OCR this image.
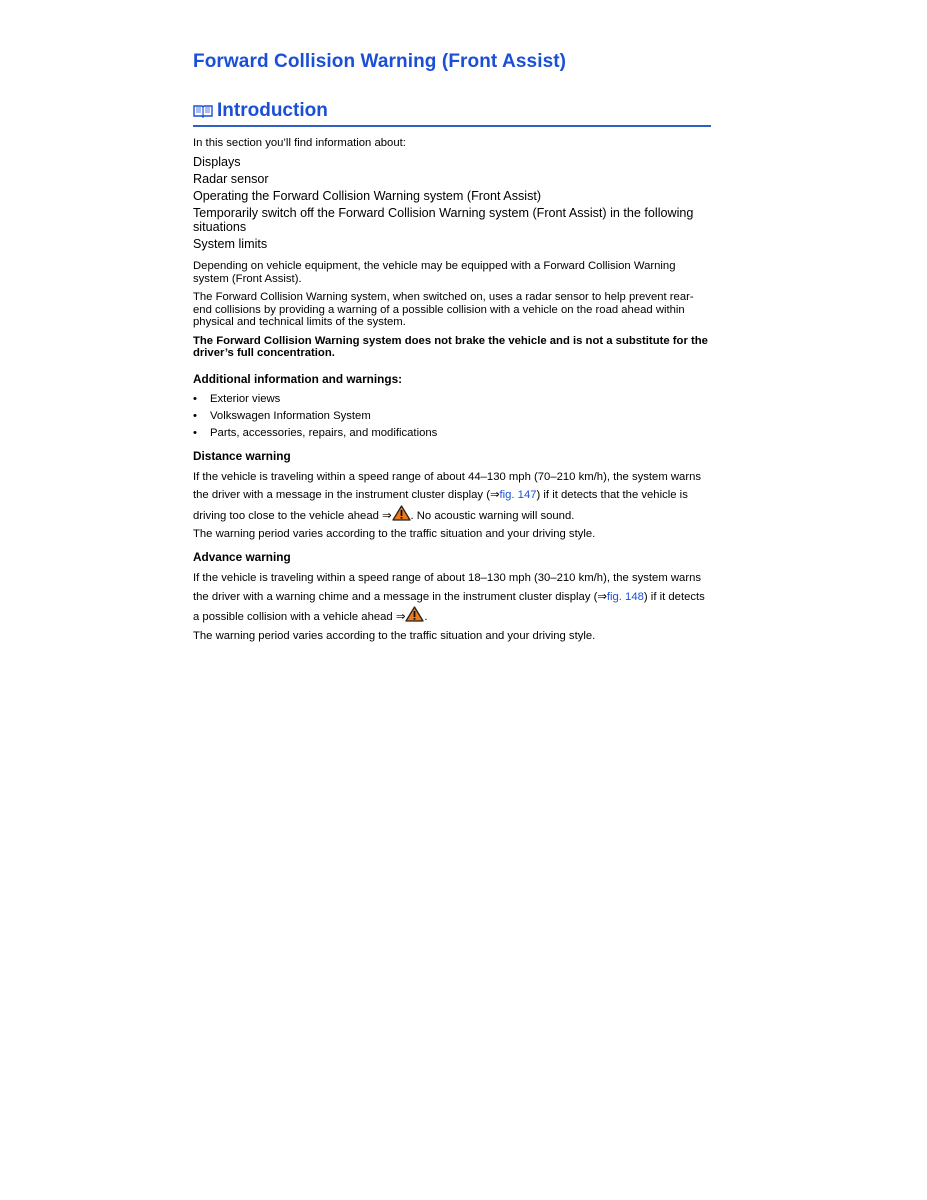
Forward Collision Warning (Front Assist)
Introduction
In this section you’ll find information about:
Displays
Radar sensor
Operating the Forward Collision Warning system (Front Assist)
Temporarily switch off the Forward Collision Warning system (Front Assist) in the following situations
System limits

Depending on vehicle equipment, the vehicle may be equipped with a Forward Collision Warning system (Front Assist).

The Forward Collision Warning system, when switched on, uses a radar sensor to help prevent rear-end collisions by providing a warning of a possible collision with a vehicle on the road ahead within physical and technical limits of the system.

The Forward Collision Warning system does not brake the vehicle and is not a substitute for the driver’s full concentration.

Additional information and warnings:
• Exterior views
• Volkswagen Information System
• Parts, accessories, repairs, and modifications
Distance warning
If the vehicle is traveling within a speed range of about 44–130 mph (70–210 km/h), the system warns the driver with a message in the instrument cluster display (⇒fig. 147) if it detects that the vehicle is driving too close to the vehicle ahead ⇒ . No acoustic warning will sound.
The warning period varies according to the traffic situation and your driving style.
Advance warning
If the vehicle is traveling within a speed range of about 18–130 mph (30–210 km/h), the system warns the driver with a warning chime and a message in the instrument cluster display (⇒fig. 148) if it detects a possible collision with a vehicle ahead ⇒ .
The warning period varies according to the traffic situation and your driving style.
